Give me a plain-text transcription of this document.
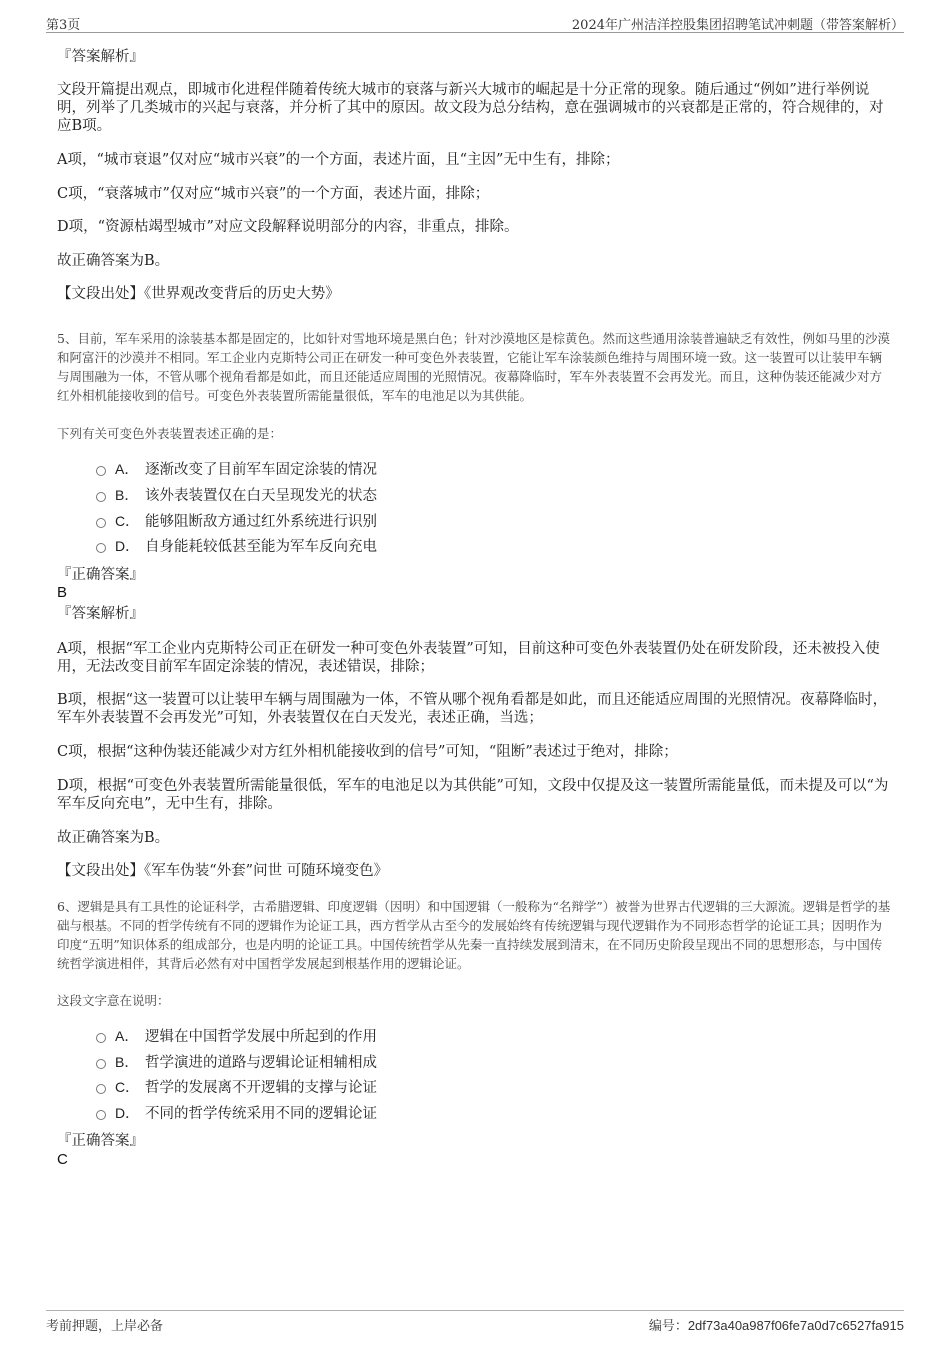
第3页	2024年广州洁洋控股集团招聘笔试冲刺题（带答案解析）

『答案解析』

文段开篇提出观点，即城市化进程伴随着传统大城市的衰落与新兴大城市的崛起是十分正常的现象。随后通过“例如”进行举例说明，列举了几类城市的兴起与衰落，并分析了其中的原因。故文段为总分结构，意在强调城市的兴衰都是正常的，符合规律的，对应B项。

A项，“城市衰退”仅对应“城市兴衰”的一个方面，表述片面，且“主因”无中生有，排除；

C项，“衰落城市”仅对应“城市兴衰”的一个方面，表述片面，排除；

D项，“资源枯竭型城市”对应文段解释说明部分的内容，非重点，排除。

故正确答案为B。

【文段出处】《世界观改变背后的历史大势》

5、目前，军车采用的涂装基本都是固定的，比如针对雪地环境是黑白色；针对沙漠地区是棕黄色。然而这些通用涂装普遍缺乏有效性，例如马里的沙漠和阿富汗的沙漠并不相同。军工企业内克斯特公司正在研发一种可变色外表装置，它能让军车涂装颜色维持与周围环境一致。这一装置可以让装甲车辆与周围融为一体，不管从哪个视角看都是如此，而且还能适应周围的光照情况。夜幕降临时，军车外表装置不会再发光。而且，这种伪装还能减少对方红外相机能接收到的信号。可变色外表装置所需能量很低，军车的电池足以为其供能。

下列有关可变色外表装置表述正确的是：

A． 逐渐改变了目前军车固定涂装的情况
B． 该外表装置仅在白天呈现发光的状态
C． 能够阻断敌方通过红外系统进行识别
D． 自身能耗较低甚至能为军车反向充电

『正确答案』

B

『答案解析』

A项，根据“军工企业内克斯特公司正在研发一种可变色外表装置”可知，目前这种可变色外表装置仍处在研发阶段，还未被投入使用，无法改变目前军车固定涂装的情况，表述错误，排除；

B项，根据“这一装置可以让装甲车辆与周围融为一体，不管从哪个视角看都是如此，而且还能适应周围的光照情况。夜幕降临时，军车外表装置不会再发光”可知，外表装置仅在白天发光，表述正确，当选；

C项，根据“这种伪装还能减少对方红外相机能接收到的信号”可知，“阻断”表述过于绝对，排除；

D项，根据“可变色外表装置所需能量很低，军车的电池足以为其供能”可知，文段中仅提及这一装置所需能量低，而未提及可以“为军车反向充电”，无中生有，排除。

故正确答案为B。

【文段出处】《军车伪装“外套”问世 可随环境变色》

6、逻辑是具有工具性的论证科学，古希腊逻辑、印度逻辑（因明）和中国逻辑（一般称为“名辩学”）被誉为世界古代逻辑的三大源流。逻辑是哲学的基础与根基。不同的哲学传统有不同的逻辑作为论证工具，西方哲学从古至今的发展始终有传统逻辑与现代逻辑作为不同形态哲学的论证工具；因明作为印度“五明”知识体系的组成部分，也是内明的论证工具。中国传统哲学从先秦一直持续发展到清末，在不同历史阶段呈现出不同的思想形态，与中国传统哲学演进相伴，其背后必然有对中国哲学发展起到根基作用的逻辑论证。

这段文字意在说明：

A． 逻辑在中国哲学发展中所起到的作用
B． 哲学演进的道路与逻辑论证相辅相成
C． 哲学的发展离不开逻辑的支撑与论证
D． 不同的哲学传统采用不同的逻辑论证

『正确答案』

C

考前押题，上岸必备	编号：2df73a40a987f06fe7a0d7c6527fa915
